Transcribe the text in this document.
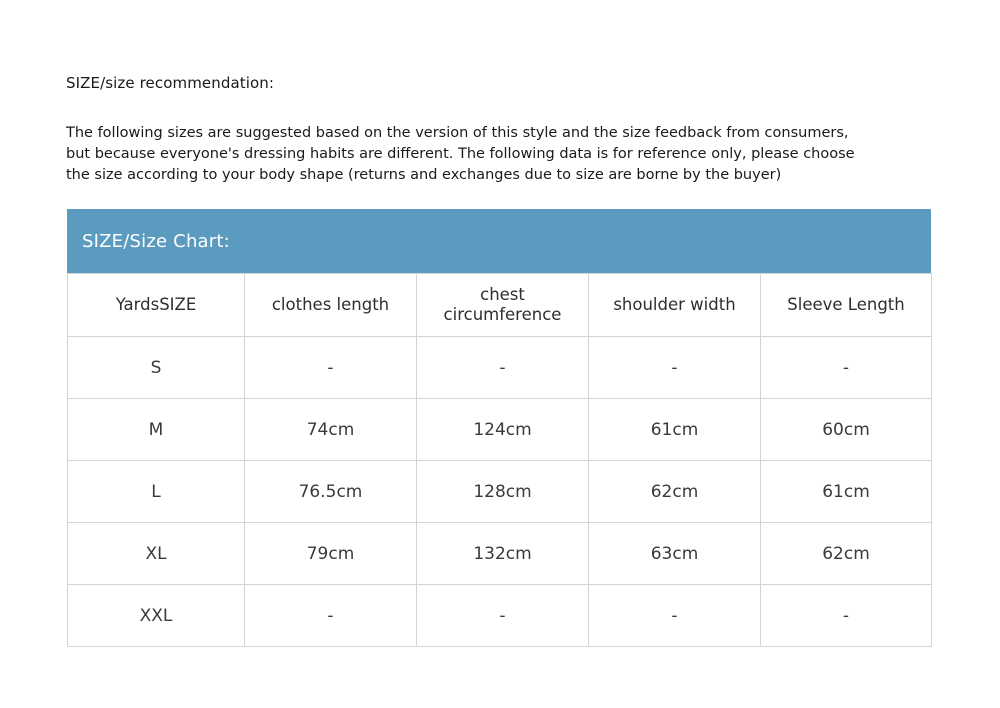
SIZE/size recommendation:
The following sizes are suggested based on the version of this style and the size feedback from consumers,
but because everyone's dressing habits are different. The following data is for reference only, please choose
the size according to your body shape (returns and exchanges due to size are borne by the buyer)
SIZE/Size Chart:
YardsSIZE	clothes length	chest circumference	shoulder width	Sleeve Length
S	-	-	-	-
M	74cm	124cm	61cm	60cm
L	76.5cm	128cm	62cm	61cm
XL	79cm	132cm	63cm	62cm
XXL	-	-	-	-
